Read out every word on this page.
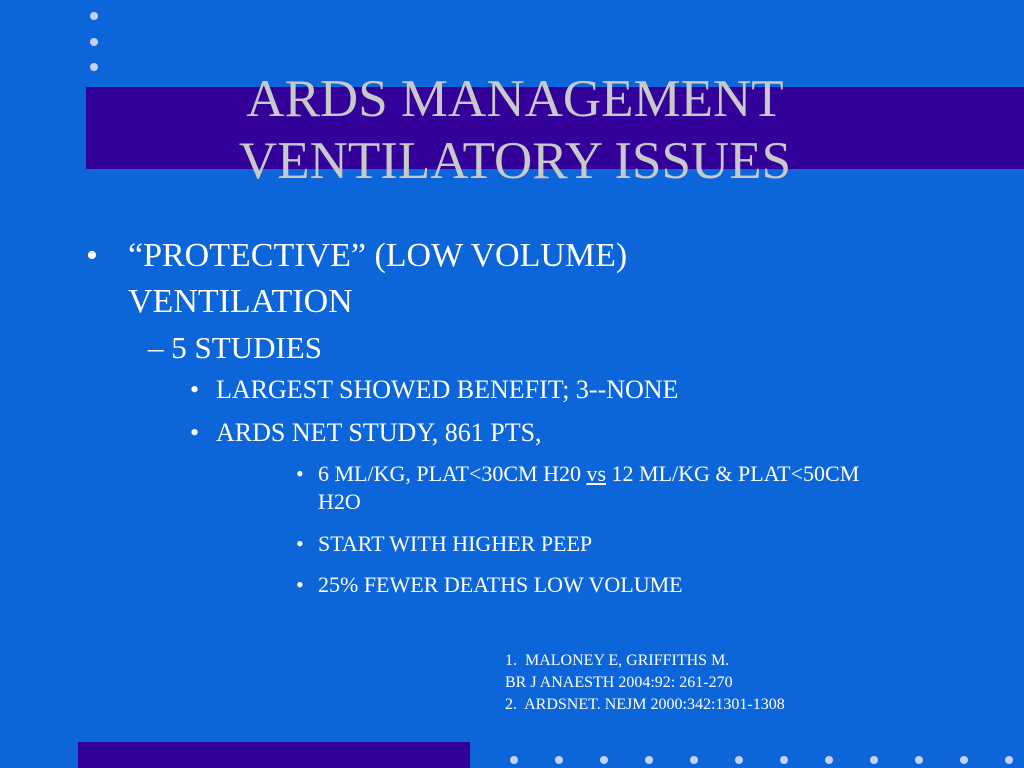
ARDS MANAGEMENT
VENTILATORY ISSUES
• “PROTECTIVE” (LOW VOLUME) VENTILATION
– 5 STUDIES
• LARGEST SHOWED BENEFIT; 3--NONE
• ARDS NET STUDY, 861 PTS,
• 6 ML/KG, PLAT<30CM H20 vs 12 ML/KG & PLAT<50CM H2O
• START WITH HIGHER PEEP
• 25% FEWER DEATHS LOW VOLUME
1.  MALONEY E, GRIFFITHS M.
BR J ANAESTH 2004:92: 261-270
2.  ARDSNET. NEJM 2000:342:1301-1308
